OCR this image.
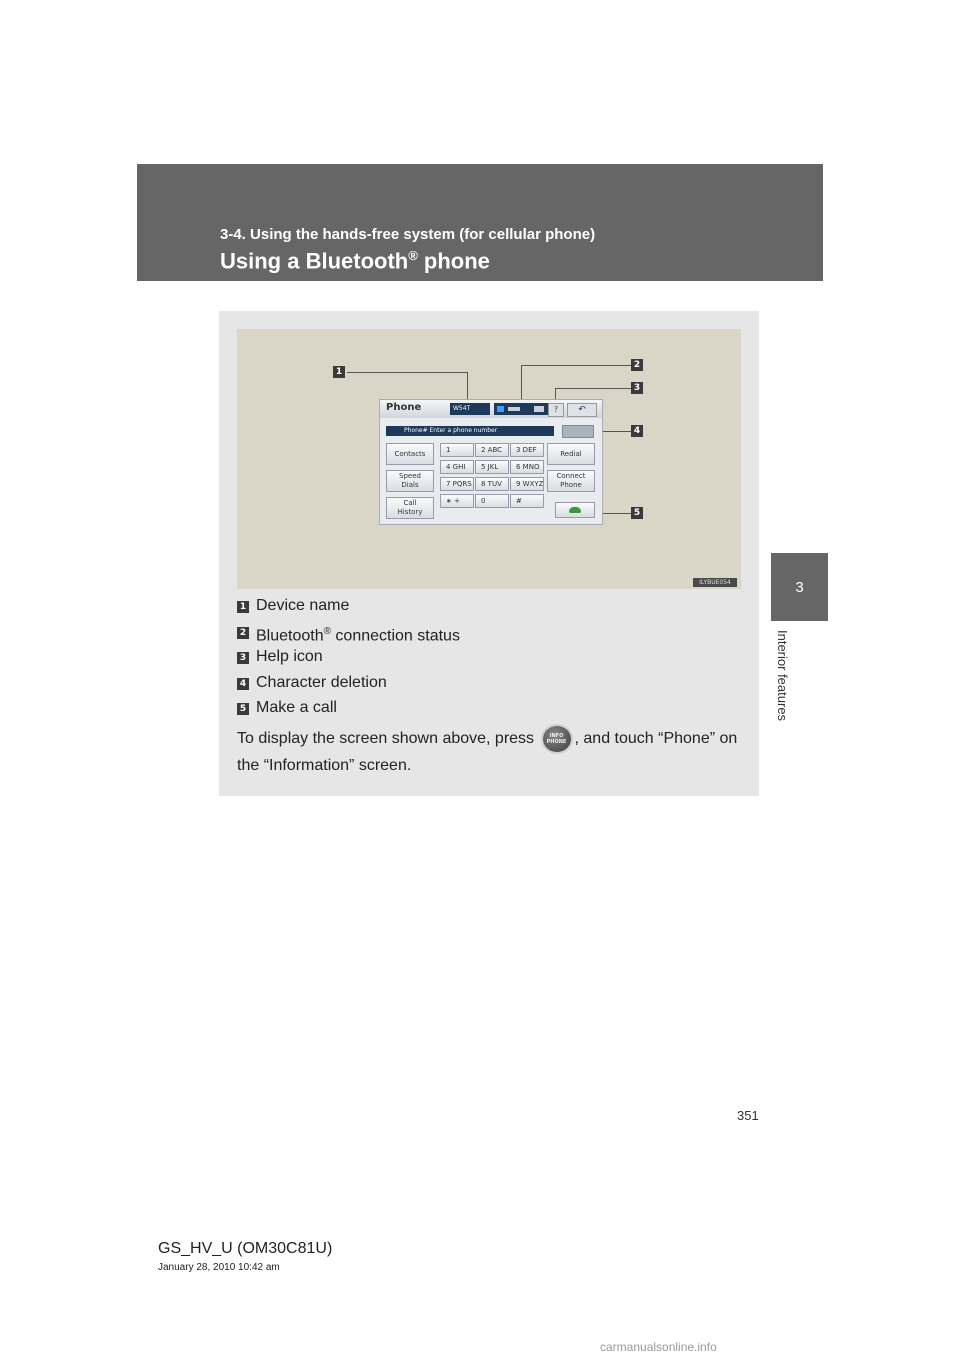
3-4. Using the hands-free system (for cellular phone)
Using a Bluetooth® phone
3
Interior features
1
2
3
4
5
Phone	W54T	?	↶
Phone# Enter a phone number
Contacts
Speed
Dials
Call
History
Redial
Connect
Phone
1	2 ABC	3 DEF
4 GHI	5 JKL	6 MNO
7 PQRS	8 TUV	9 WXYZ
∗ +	0	#
ILYBUE054
1 Device name
2 Bluetooth® connection status
3 Help icon
4 Character deletion
5 Make a call
To display the screen shown above, press	INFO
PHONE , and touch “Phone” on the “Information” screen.
351
GS_HV_U (OM30C81U)
January 28, 2010 10:42 am
carmanualsonline.info
